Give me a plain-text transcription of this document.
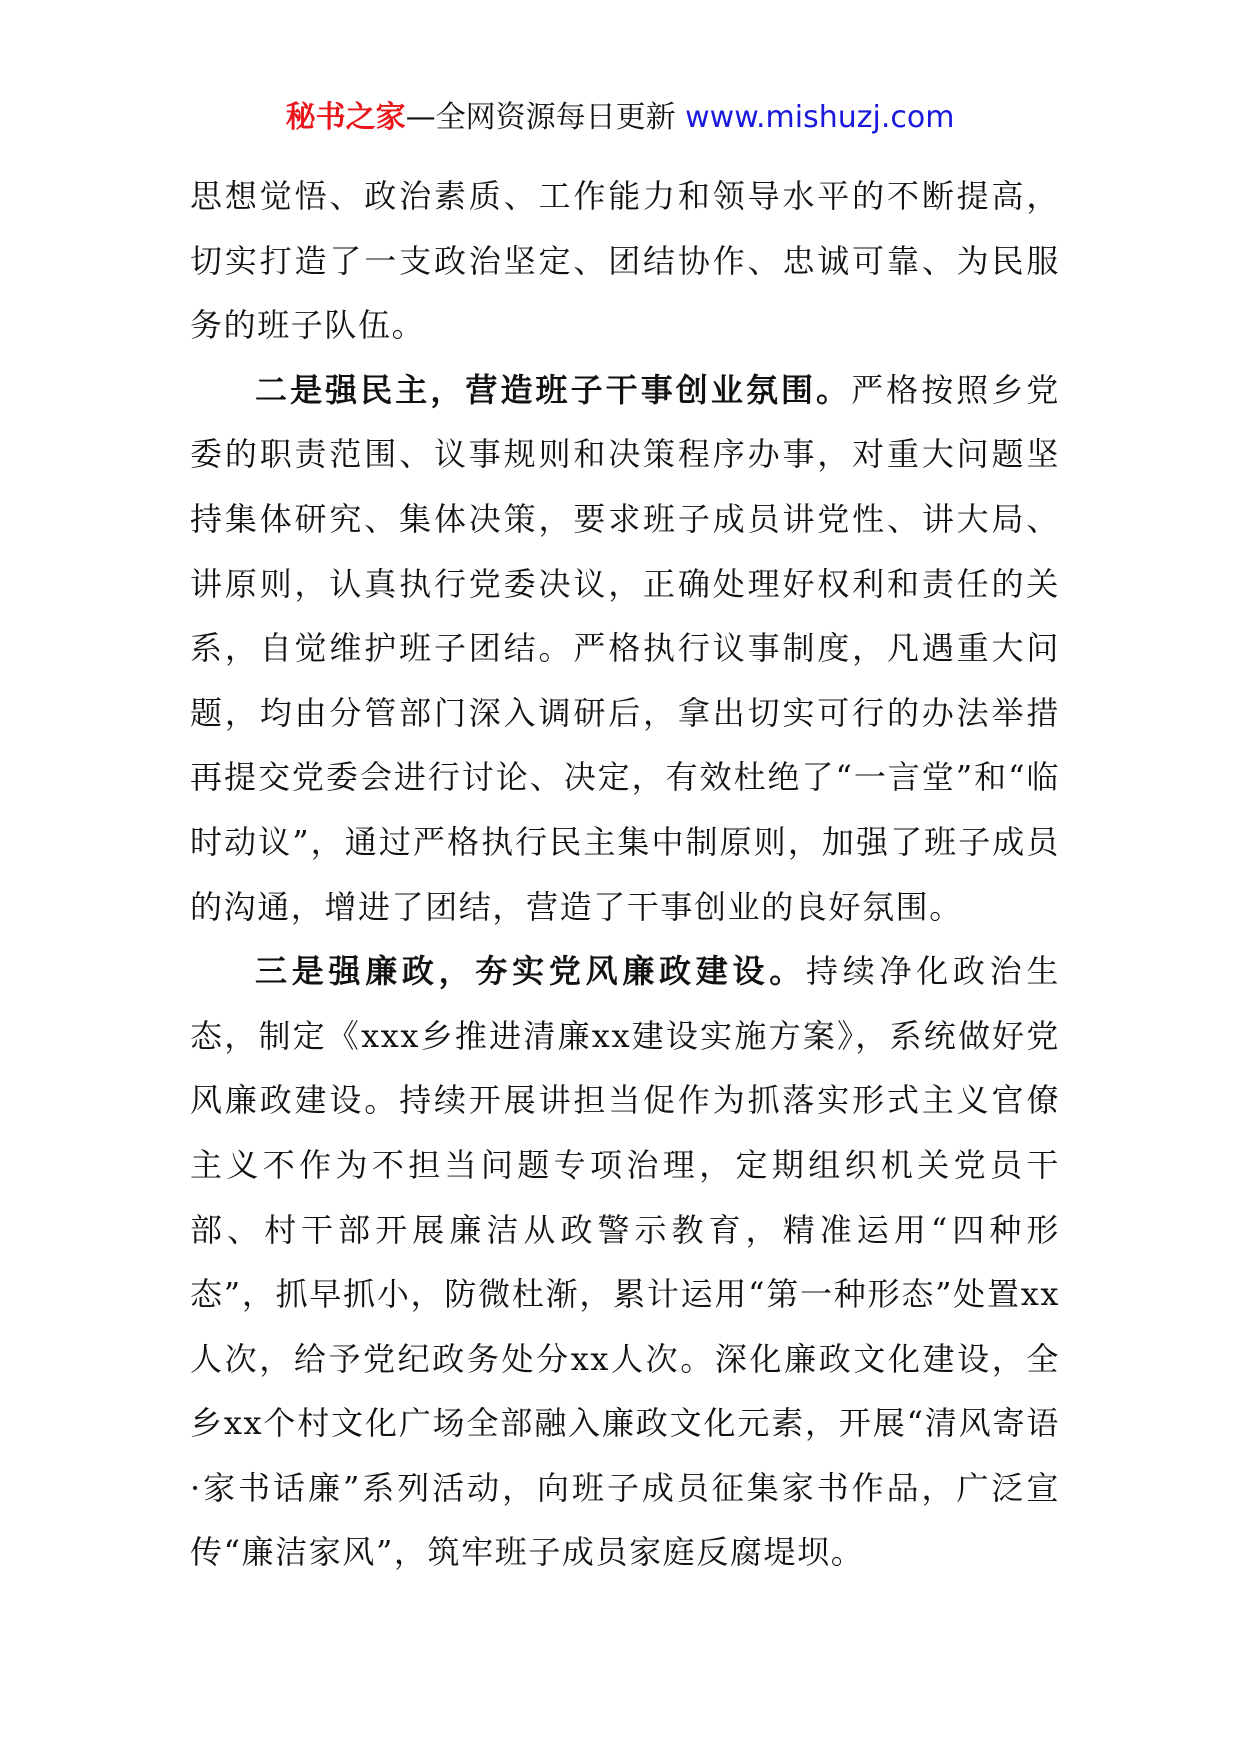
秘书之家—全网资源每日更新 www.mishuzj.com

思想觉悟、政治素质、工作能力和领导水平的不断提高，切实打造了一支政治坚定、团结协作、忠诚可靠、为民服务的班子队伍。

二是强民主，营造班子干事创业氛围。严格按照乡党委的职责范围、议事规则和决策程序办事，对重大问题坚持集体研究、集体决策，要求班子成员讲党性、讲大局、讲原则，认真执行党委决议，正确处理好权利和责任的关系，自觉维护班子团结。严格执行议事制度，凡遇重大问题，均由分管部门深入调研后，拿出切实可行的办法举措再提交党委会进行讨论、决定，有效杜绝了“一言堂”和“临时动议”，通过严格执行民主集中制原则，加强了班子成员的沟通，增进了团结，营造了干事创业的良好氛围。

三是强廉政，夯实党风廉政建设。持续净化政治生态，制定《xxx乡推进清廉xx建设实施方案》，系统做好党风廉政建设。持续开展讲担当促作为抓落实形式主义官僚主义不作为不担当问题专项治理，定期组织机关党员干部、村干部开展廉洁从政警示教育，精准运用“四种形态”，抓早抓小，防微杜渐，累计运用“第一种形态”处置xx人次，给予党纪政务处分xx人次。深化廉政文化建设，全乡xx个村文化广场全部融入廉政文化元素，开展“清风寄语·家书话廉”系列活动，向班子成员征集家书作品，广泛宣传“廉洁家风”，筑牢班子成员家庭反腐堤坝。
